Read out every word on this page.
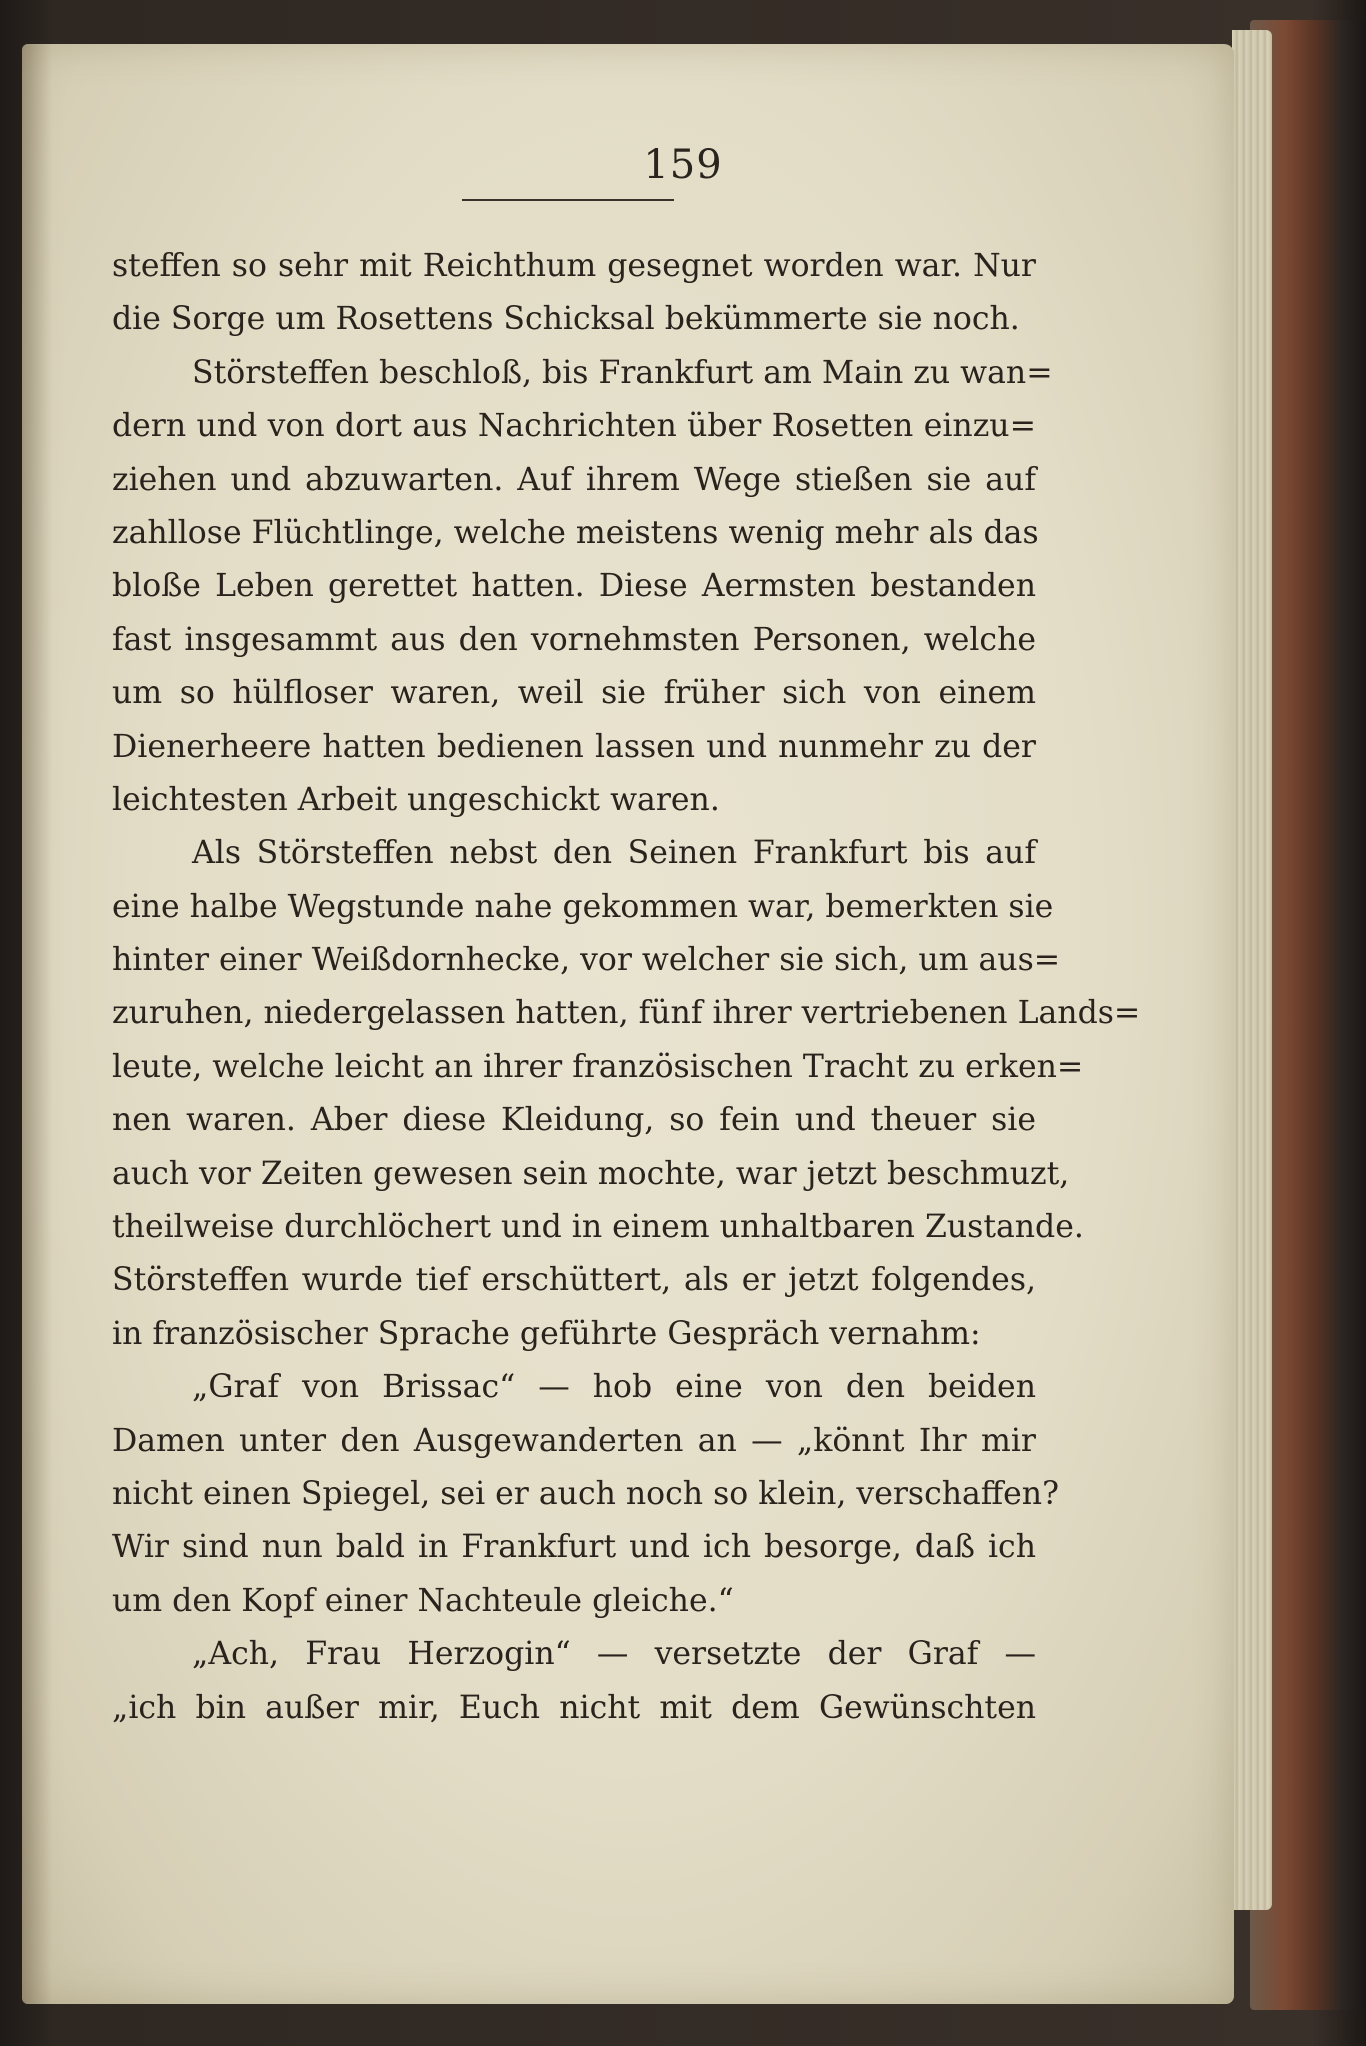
159
steffen so sehr mit Reichthum gesegnet worden war. Nur
die Sorge um Rosettens Schicksal bekümmerte sie noch.
Störsteffen beschloß, bis Frankfurt am Main zu wan=
dern und von dort aus Nachrichten über Rosetten einzu=
ziehen und abzuwarten. Auf ihrem Wege stießen sie auf
zahllose Flüchtlinge, welche meistens wenig mehr als das
bloße Leben gerettet hatten. Diese Aermsten bestanden
fast insgesammt aus den vornehmsten Personen, welche
um so hülfloser waren, weil sie früher sich von einem
Dienerheere hatten bedienen lassen und nunmehr zu der
leichtesten Arbeit ungeschickt waren.
Als Störsteffen nebst den Seinen Frankfurt bis auf
eine halbe Wegstunde nahe gekommen war, bemerkten sie
hinter einer Weißdornhecke, vor welcher sie sich, um aus=
zuruhen, niedergelassen hatten, fünf ihrer vertriebenen Lands=
leute, welche leicht an ihrer französischen Tracht zu erken=
nen waren. Aber diese Kleidung, so fein und theuer sie
auch vor Zeiten gewesen sein mochte, war jetzt beschmuzt,
theilweise durchlöchert und in einem unhaltbaren Zustande.
Störsteffen wurde tief erschüttert, als er jetzt folgendes,
in französischer Sprache geführte Gespräch vernahm:
„Graf von Brissac“ — hob eine von den beiden
Damen unter den Ausgewanderten an — „könnt Ihr mir
nicht einen Spiegel, sei er auch noch so klein, verschaffen?
Wir sind nun bald in Frankfurt und ich besorge, daß ich
um den Kopf einer Nachteule gleiche.“
„Ach, Frau Herzogin“ — versetzte der Graf —
„ich bin außer mir, Euch nicht mit dem Gewünschten
